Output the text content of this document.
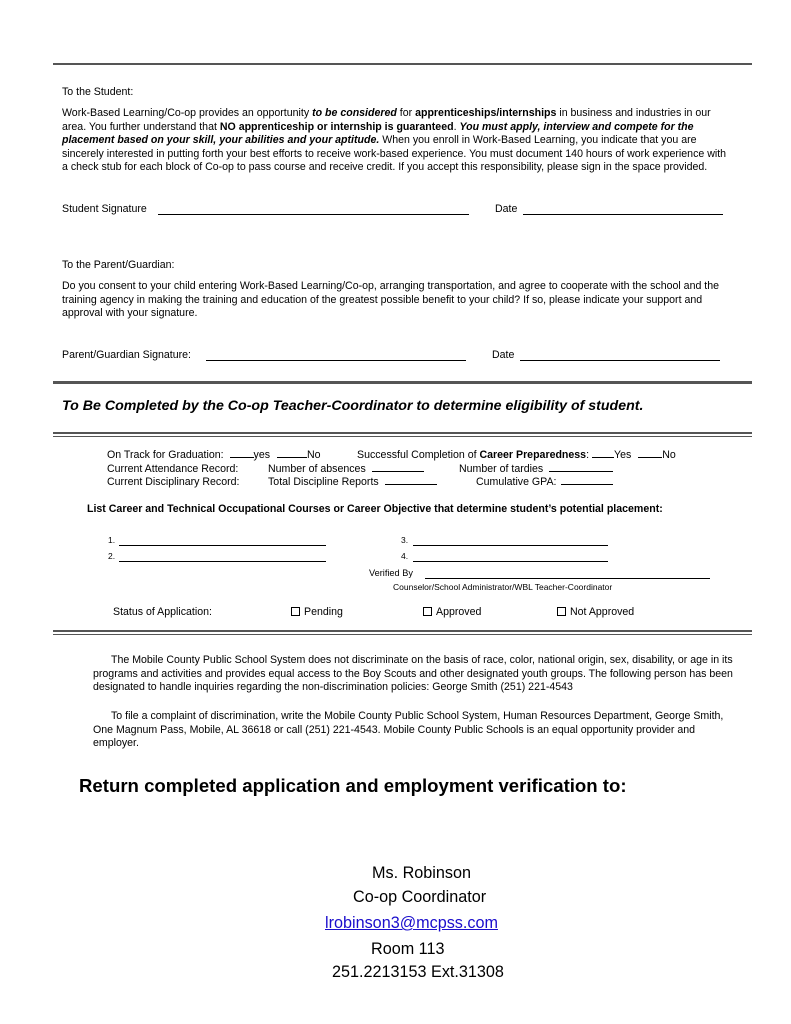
To the Student:

Work-Based Learning/Co-op provides an opportunity to be considered for apprenticeships/internships in business and industries in our area. You further understand that NO apprenticeship or internship is guaranteed. You must apply, interview and compete for the placement based on your skill, your abilities and your aptitude. When you enroll in Work-Based Learning, you indicate that you are sincerely interested in putting forth your best efforts to receive work-based experience. You must document 140 hours of work experience with a check stub for each block of Co-op to pass course and receive credit. If you accept this responsibility, please sign in the space provided.

Student Signature	Date
To the Parent/Guardian:

Do you consent to your child entering Work-Based Learning/Co-op, arranging transportation, and agree to cooperate with the school and the training agency in making the training and education of the greatest possible benefit to your child? If so, please indicate your support and approval with your signature.

Parent/Guardian Signature:	Date
To Be Completed by the Co-op Teacher-Coordinator to determine eligibility of student.
On Track for Graduation:	yes	No	Successful Completion of Career Preparedness: Yes	No
Current Attendance Record:	Number of absences	Number of tardies
Current Disciplinary Record:	Total Discipline Reports	Cumulative GPA:
List Career and Technical Occupational Courses or Career Objective that determine student’s potential placement:
1.
2.
3.
4.
Verified By
Counselor/School Administrator/WBL Teacher-Coordinator
Status of Application:	Pending	Approved	Not Approved

The Mobile County Public School System does not discriminate on the basis of race, color, national origin, sex, disability, or age in its programs and activities and provides equal access to the Boy Scouts and other designated youth groups. The following person has been designated to handle inquiries regarding the non-discrimination policies: George Smith (251) 221-4543

To file a complaint of discrimination, write the Mobile County Public School System, Human Resources Department, George Smith, One Magnum Pass, Mobile, AL 36618 or call (251) 221-4543. Mobile County Public Schools is an equal opportunity provider and employer.

Return completed application and employment verification to:
Ms. Robinson
Co-op Coordinator
lrobinson3@mcpss.com
Room 113
251.2213153 Ext.31308
